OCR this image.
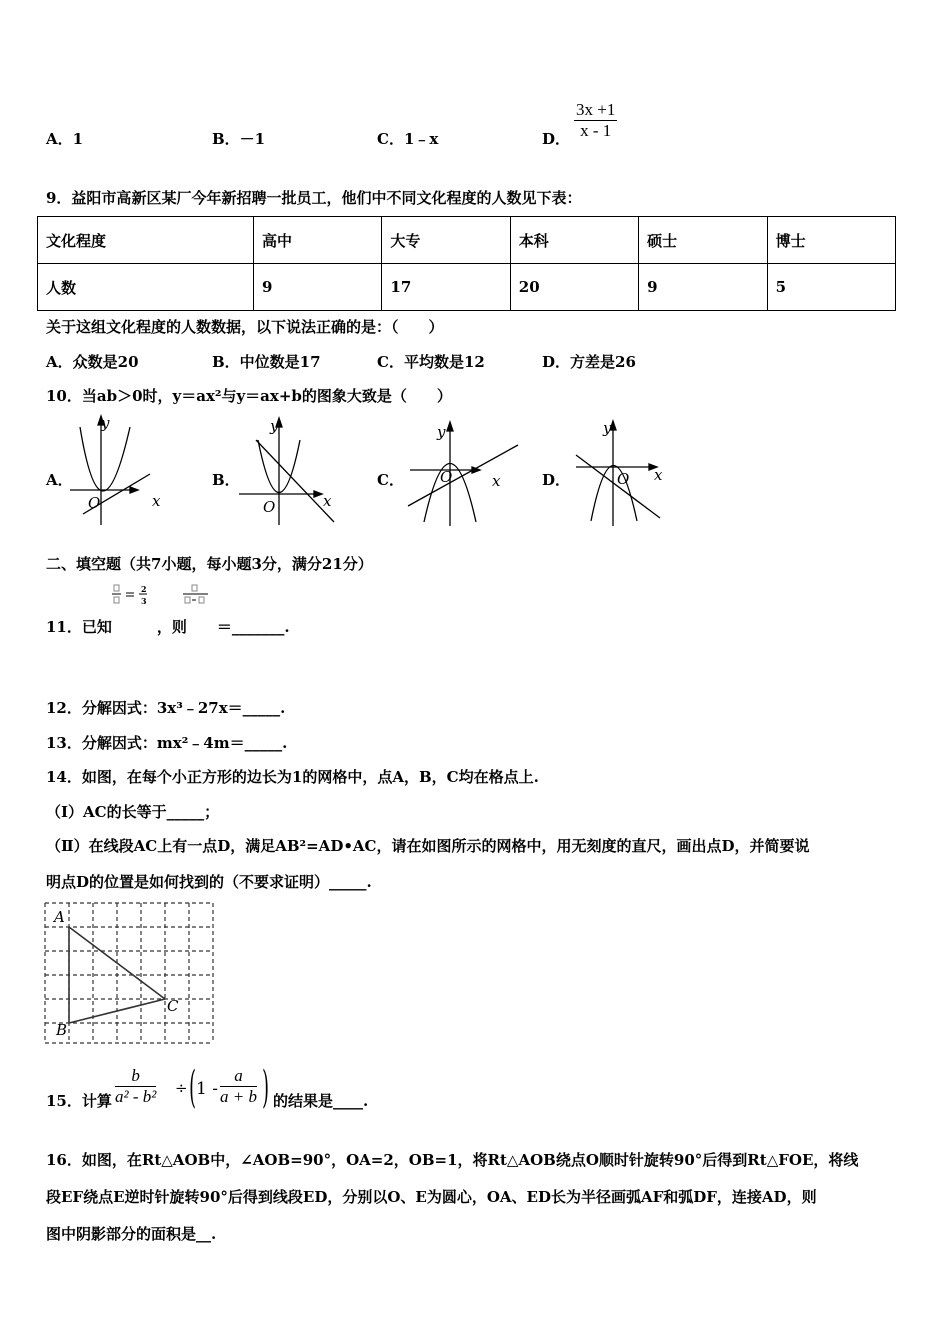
A．1	B．－1	C．1﹣x	D． $\frac{3x +1}{x - 1}$
9．益阳市高新区某厂今年新招聘一批员工，他们中不同文化程度的人数见下表：
文化程度	高中	大专	本科	硕士	博士
人数	9	17	20	9	5
关于这组文化程度的人数数据，以下说法正确的是：（　　）
A．众数是20	B．中位数是17	C．平均数是12	D．方差是26
10．当ab＞0时，y＝ax²与y＝ax+b的图象大致是（　　）
A．	B．	C．	D．
y
x
O
y
x
O
y
x
O
y
x
O
二、填空题（共7小题，每小题3分，满分21分）
2
3
11．已知　　　，则　　＝_______.
12．分解因式：3x³﹣27x＝_____.
13．分解因式：mx²﹣4m＝_____.
14．如图，在每个小正方形的边长为1的网格中，点A，B，C均在格点上.
（Ⅰ）AC的长等于_____；
（Ⅱ）在线段AC上有一点D，满足AB²=AD•AC，请在如图所示的网格中，用无刻度的直尺，画出点D，并简要说
明点D的位置是如何找到的（不要求证明）_____.
A
B
C
15．计算 $\frac{b}{\text{a² - b²}}$ ÷ ( $1 - \frac{a}{a + b}$ ) 的结果是____.
16．如图，在Rt△AOB中，∠AOB=90°，OA=2，OB=1，将Rt△AOB绕点O顺时针旋转90°后得到Rt△FOE，将线
段EF绕点E逆时针旋转90°后得到线段ED，分别以O、E为圆心，OA、ED长为半径画弧AF和弧DF，连接AD，则
图中阴影部分的面积是__.
